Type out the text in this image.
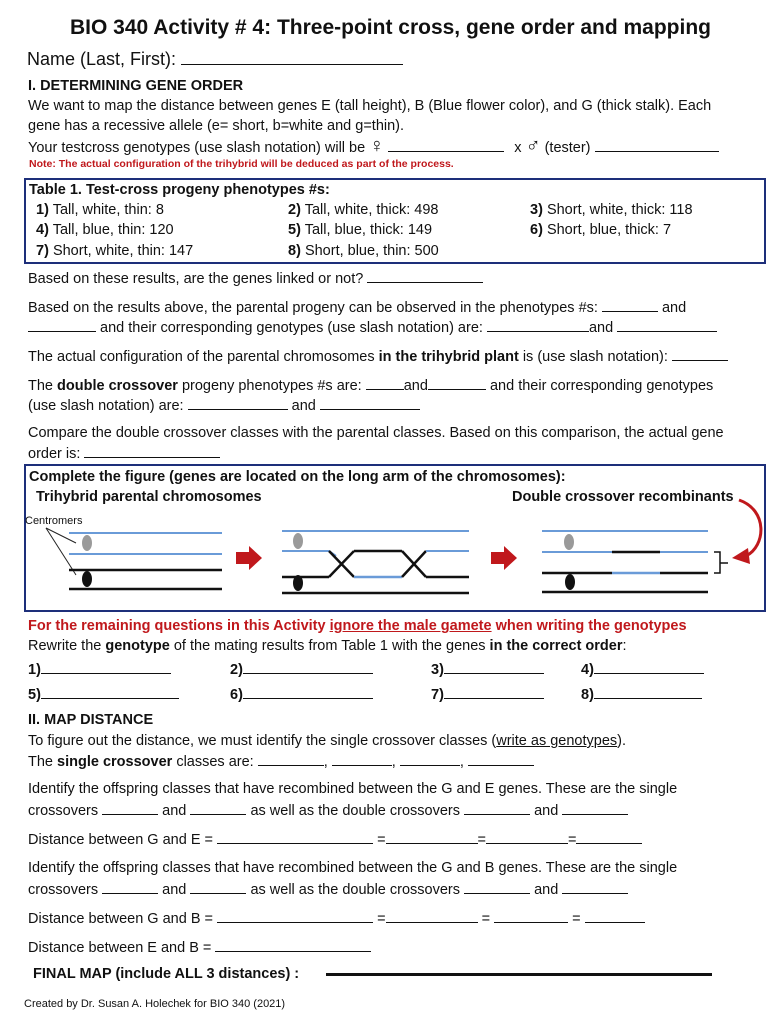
BIO 340 Activity # 4: Three-point cross, gene order and mapping
Name (Last, First):
I. DETERMINING GENE ORDER
We want to map the distance between genes E (tall height), B (Blue flower color), and G (thick stalk). Each
gene has a recessive allele (e= short, b=white and g=thin).
Your testcross genotypes (use slash notation) will be ♀	x ♂ (tester)
Note: The actual configuration of the trihybrid will be deduced as part of the process.
Table 1. Test-cross progeny phenotypes #s:
1) Tall, white, thin: 8	2) Tall, white, thick: 498	3) Short, white, thick: 118
4) Tall, blue, thin: 120	5) Tall, blue, thick: 149	6) Short, blue, thick: 7
7) Short, white, thin: 147	8) Short, blue, thin: 500
Based on these results, are the genes linked or not?
Based on the results above, the parental progeny can be observed in the phenotypes #s:	and
and their corresponding genotypes (use slash notation) are:	and
The actual configuration of the parental chromosomes in the trihybrid plant is (use slash notation):
The double crossover progeny phenotypes #s are:	and	and their corresponding genotypes
(use slash notation) are:	and
Compare the double crossover classes with the parental classes. Based on this comparison, the actual gene
order is:
Complete the figure (genes are located on the long arm of the chromosomes):
Trihybrid parental chromosomes	Double crossover recombinants
Centromers
For the remaining questions in this Activity ignore the male gamete when writing the genotypes
Rewrite the genotype of the mating results from Table 1 with the genes in the correct order:
1)	2)	3)	4)
5)	6)	7)	8)
II. MAP DISTANCE
To figure out the distance, we must identify the single crossover classes (write as genotypes).
The single crossover classes are:	,	,	,
Identify the offspring classes that have recombined between the G and E genes. These are the single
crossovers	and	as well as the double crossovers	and
Distance between G and E =	=	=	=
Identify the offspring classes that have recombined between the G and B genes. These are the single
crossovers	and	as well as the double crossovers	and
Distance between G and B =	=	=	=
Distance between E and B =
FINAL MAP (include ALL 3 distances) :
Created by Dr. Susan A. Holechek for BIO 340 (2021)
